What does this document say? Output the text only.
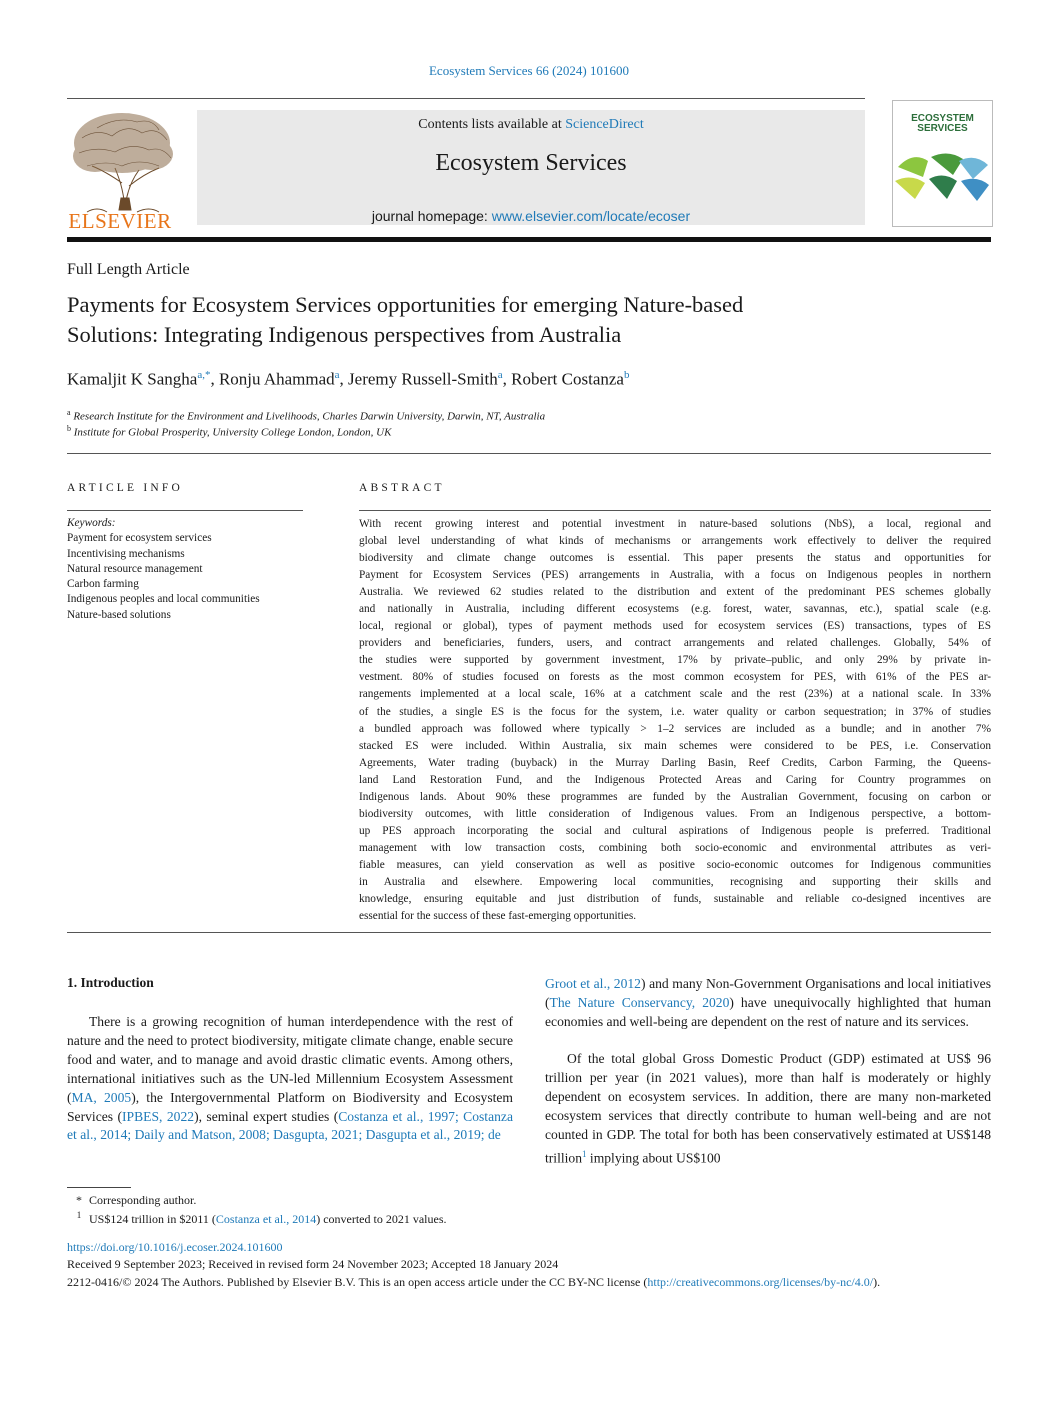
Ecosystem Services 66 (2024) 101600
ELSEVIER
Contents lists available at ScienceDirect
Ecosystem Services
journal homepage: www.elsevier.com/locate/ecoser
ECOSYSTEM
SERVICES
Full Length Article
Payments for Ecosystem Services opportunities for emerging Nature-based
Solutions: Integrating Indigenous perspectives from Australia
Kamaljit K Sangha$^{a,*}$, Ronju Ahammad$^a$, Jeremy Russell-Smith$^a$, Robert Costanza$^b$
$^a$ Research Institute for the Environment and Livelihoods, Charles Darwin University, Darwin, NT, Australia
$^b$ Institute for Global Prosperity, University College London, London, UK
ARTICLE INFO	ABSTRACT
Keywords:
Payment for ecosystem services
Incentivising mechanisms
Natural resource management
Carbon farming
Indigenous peoples and local communities
Nature-based solutions
With recent growing interest and potential investment in nature-based solutions (NbS), a local, regional and
global level understanding of what kinds of mechanisms or arrangements work effectively to deliver the required
biodiversity and climate change outcomes is essential. This paper presents the status and opportunities for
Payment for Ecosystem Services (PES) arrangements in Australia, with a focus on Indigenous peoples in northern
Australia. We reviewed 62 studies related to the distribution and extent of the predominant PES schemes globally
and nationally in Australia, including different ecosystems (e.g. forest, water, savannas, etc.), spatial scale (e.g.
local, regional or global), types of payment methods used for ecosystem services (ES) transactions, types of ES
providers and beneficiaries, funders, users, and contract arrangements and related challenges. Globally, 54% of
the studies were supported by government investment, 17% by private–public, and only 29% by private in-
vestment. 80% of studies focused on forests as the most common ecosystem for PES, with 61% of the PES ar-
rangements implemented at a local scale, 16% at a catchment scale and the rest (23%) at a national scale. In 33%
of the studies, a single ES is the focus for the system, i.e. water quality or carbon sequestration; in 37% of studies
a bundled approach was followed where typically > 1–2 services are included as a bundle; and in another 7%
stacked ES were included. Within Australia, six main schemes were considered to be PES, i.e. Conservation
Agreements, Water trading (buyback) in the Murray Darling Basin, Reef Credits, Carbon Farming, the Queens-
land Land Restoration Fund, and the Indigenous Protected Areas and Caring for Country programmes on
Indigenous lands. About 90% these programmes are funded by the Australian Government, focusing on carbon or
biodiversity outcomes, with little consideration of Indigenous values. From an Indigenous perspective, a bottom-
up PES approach incorporating the social and cultural aspirations of Indigenous people is preferred. Traditional
management with low transaction costs, combining both socio-economic and environmental attributes as veri-
fiable measures, can yield conservation as well as positive socio-economic outcomes for Indigenous communities
in Australia and elsewhere. Empowering local communities, recognising and supporting their skills and
knowledge, ensuring equitable and just distribution of funds, sustainable and reliable co-designed incentives are
essential for the success of these fast-emerging opportunities.
1. Introduction
There is a growing recognition of human interdependence with the rest of nature and the need to protect biodiversity, mitigate climate change, enable secure food and water, and to manage and avoid drastic climatic events. Among others, international initiatives such as the UN-led Millennium Ecosystem Assessment (MA, 2005), the Intergovernmental Platform on Biodiversity and Ecosystem Services (IPBES, 2022), seminal expert studies (Costanza et al., 1997; Costanza et al., 2014; Daily and Matson, 2008; Dasgupta, 2021; Dasgupta et al., 2019; de
Groot et al., 2012) and many Non-Government Organisations and local initiatives (The Nature Conservancy, 2020) have unequivocally highlighted that human economies and well-being are dependent on the rest of nature and its services.
Of the total global Gross Domestic Product (GDP) estimated at US$ 96 trillion per year (in 2021 values), more than half is moderately or highly dependent on ecosystem services. In addition, there are many non-marketed ecosystem services that directly contribute to human well-being and are not counted in GDP. The total for both has been conservatively estimated at US$148 trillion$^1$ implying about US$100
* Corresponding author.
$^1$ US$124 trillion in $2011 (Costanza et al., 2014) converted to 2021 values.
https://doi.org/10.1016/j.ecoser.2024.101600
Received 9 September 2023; Received in revised form 24 November 2023; Accepted 18 January 2024
2212-0416/© 2024 The Authors. Published by Elsevier B.V. This is an open access article under the CC BY-NC license (http://creativecommons.org/licenses/by-nc/4.0/).
